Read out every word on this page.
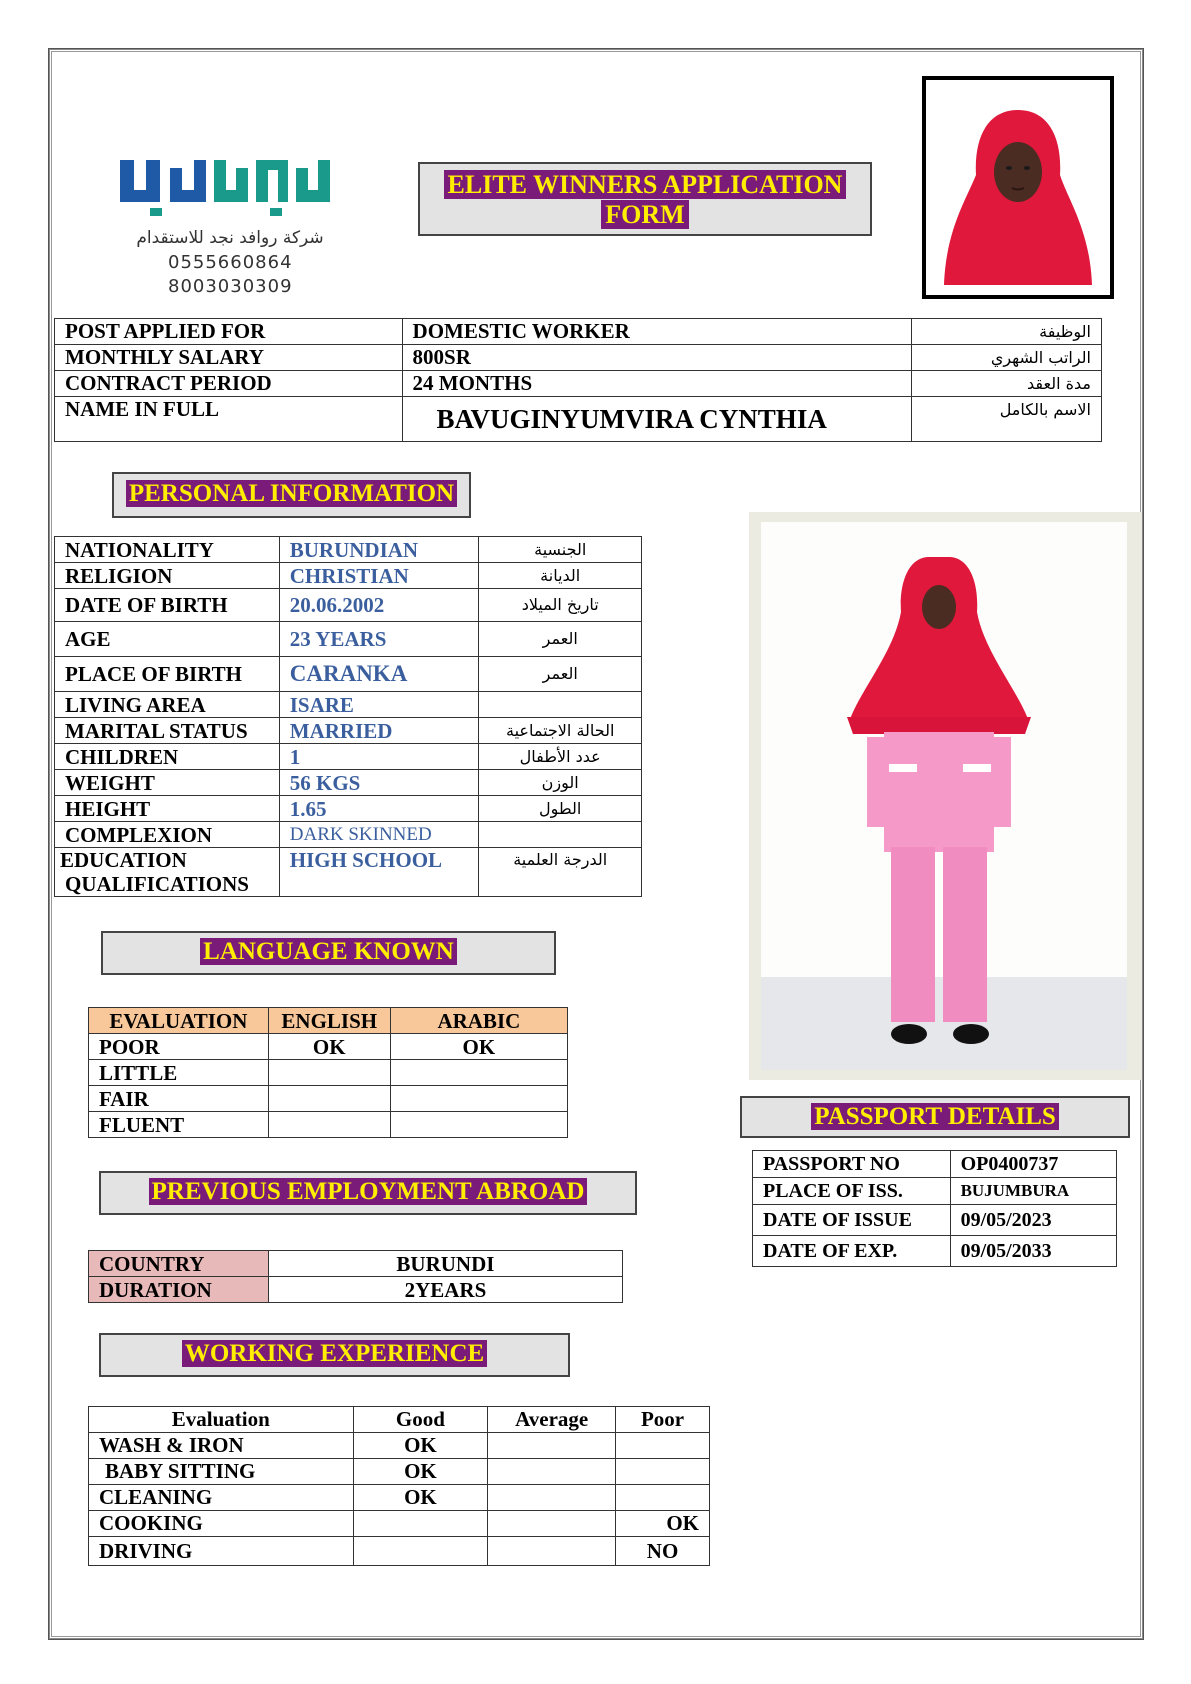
شركة روافد نجد للاستقدام
0555660864
8003030309
ELITE WINNERS APPLICATION
FORM
POST APPLIED FOR	DOMESTIC WORKER	الوظيفة
MONTHLY SALARY	800SR	الراتب الشهري
CONTRACT PERIOD	24 MONTHS	مدة العقد
NAME IN FULL	BAVUGINYUMVIRA CYNTHIA	الاسم بالكامل
PERSONAL INFORMATION
NATIONALITY	BURUNDIAN	الجنسية
RELIGION	CHRISTIAN	الديانة
DATE OF BIRTH	20.06.2002	تاريخ الميلاد
AGE	23 YEARS	العمر
PLACE OF BIRTH	CARANKA	العمر
LIVING AREA	ISARE	
MARITAL STATUS	MARRIED	الحالة الاجتماعية
CHILDREN	1	عدد الأطفال
WEIGHT	56 KGS	الوزن
HEIGHT	1.65	الطول
COMPLEXION	DARK SKINNED	

EDUCATION
QUALIFICATIONS	HIGH SCHOOL	الدرجة العلمية
LANGUAGE KNOWN
EVALUATION	ENGLISH	ARABIC
POOR	OK	OK
LITTLE		
FAIR		
FLUENT		
PREVIOUS EMPLOYMENT ABROAD
COUNTRY	BURUNDI
DURATION	2YEARS
WORKING EXPERIENCE
Evaluation	Good	Average	Poor
WASH & IRON	OK		
BABY SITTING	OK		
CLEANING	OK		
COOKING			OK
DRIVING			NO
PASSPORT DETAILS
PASSPORT NO	OP0400737
PLACE OF ISS.	BUJUMBURA
DATE OF ISSUE	09/05/2023
DATE OF EXP.	09/05/2033
